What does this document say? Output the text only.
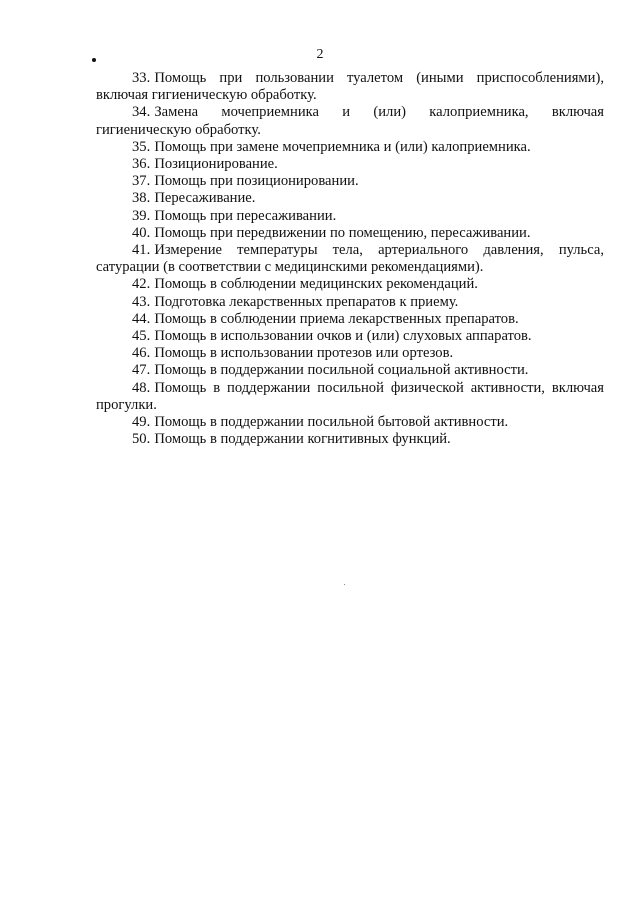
2

33. Помощь при пользовании туалетом (иными приспособлениями), включая гигиеническую обработку.

34. Замена мочеприемника и (или) калоприемника, включая гигиеническую обработку.

35. Помощь при замене мочеприемника и (или) калоприемника.

36. Позиционирование.

37. Помощь при позиционировании.

38. Пересаживание.

39. Помощь при пересаживании.

40. Помощь при передвижении по помещению, пересаживании.

41. Измерение температуры тела, артериального давления, пульса, сатурации (в соответствии с медицинскими рекомендациями).

42. Помощь в соблюдении медицинских рекомендаций.

43. Подготовка лекарственных препаратов к приему.

44. Помощь в соблюдении приема лекарственных препаратов.

45. Помощь в использовании очков и (или) слуховых аппаратов.

46. Помощь в использовании протезов или ортезов.

47. Помощь в поддержании посильной социальной активности.

48. Помощь в поддержании посильной физической активности, включая прогулки.

49. Помощь в поддержании посильной бытовой активности.

50. Помощь в поддержании когнитивных функций.
